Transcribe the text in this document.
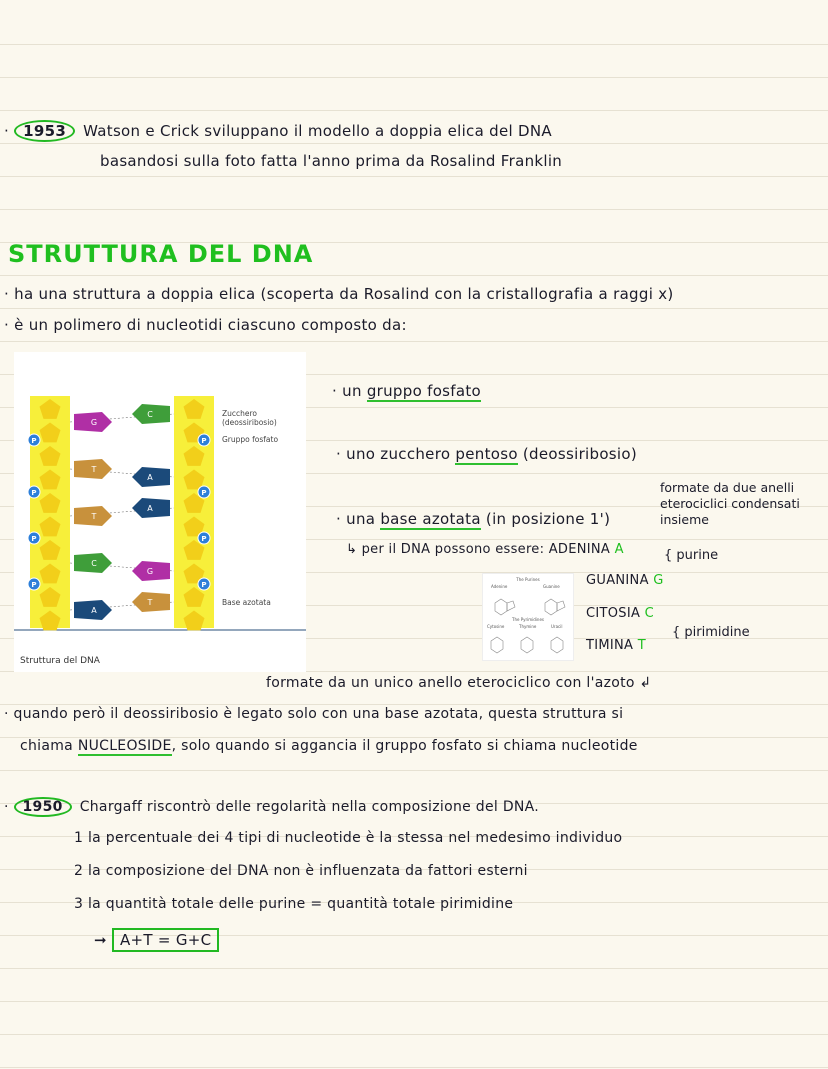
· 1953 Watson e Crick sviluppano il modello a doppia elica del DNA
basandosi sulla foto fatta l'anno prima da Rosalind Franklin
STRUTTURA DEL DNA
· ha una struttura a doppia elica (scoperta da Rosalind con la cristallografia a raggi x)
· è un polimero di nucleotidi ciascuno composto da:
P	P
P	P
P	P
P	P
G
C
T
A
T
A
C
G
A
T
Zucchero (deossiribosio)
Gruppo fosfato
Base azotata
Struttura del DNA
· un gruppo fosfato
· uno zucchero pentoso (deossiribosio)
· una base azotata (in posizione 1')
↳ per il DNA possono essere: ADENINA A
GUANINA G
CITOSIA C
TIMINA T
{ purine
{ pirimidine
formate da due anelli eterociclici condensati insieme
formate da un unico anello eterociclico con l'azoto ↲
The Purines
Adenine	Guanine
The Pyrimidines
Cytosine	Thymine	Uracil
· quando però il deossiribosio è legato solo con una base azotata, questa struttura si
chiama NUCLEOSIDE, solo quando si aggancia il gruppo fosfato si chiama nucleotide
· 1950 Chargaff riscontrò delle regolarità nella composizione del DNA.
1 la percentuale dei 4 tipi di nucleotide è la stessa nel medesimo individuo
2 la composizione del DNA non è influenzata da fattori esterni
3 la quantità totale delle purine = quantità totale pirimidine
➞ A+T = G+C
